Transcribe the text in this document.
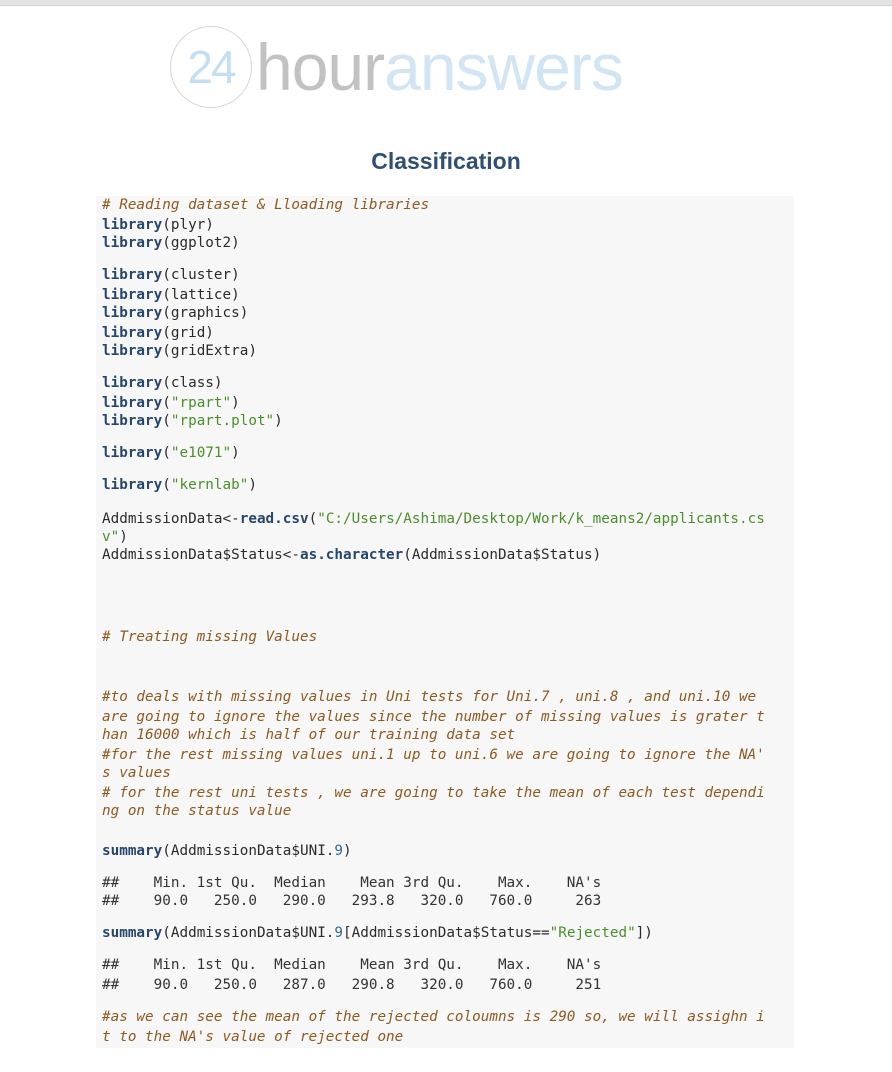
24 hour answers
Classification
# Reading dataset & Lloading libraries
library(plyr)
library(ggplot2)
library(cluster)
library(lattice)
library(graphics)
library(grid)
library(gridExtra)
library(class)
library("rpart")
library("rpart.plot")
library("e1071")
library("kernlab")
AddmissionData<-read.csv("C:/Users/Ashima/Desktop/Work/k_means2/applicants.cs
v")
AddmissionData$Status<-as.character(AddmissionData$Status)
# Treating missing Values
#to deals with missing values in Uni tests for Uni.7 , uni.8 , and uni.10 we
are going to ignore the values since the number of missing values is grater t
han 16000 which is half of our training data set
#for the rest missing values uni.1 up to uni.6 we are going to ignore the NA'
s values
# for the rest uni tests , we are going to take the mean of each test dependi
ng on the status value
summary(AddmissionData$UNI.9)
##    Min. 1st Qu.  Median    Mean 3rd Qu.    Max.    NA's
##    90.0   250.0   290.0   293.8   320.0   760.0     263
summary(AddmissionData$UNI.9[AddmissionData$Status=="Rejected"])
##    Min. 1st Qu.  Median    Mean 3rd Qu.    Max.    NA's
##    90.0   250.0   287.0   290.8   320.0   760.0     251
#as we can see the mean of the rejected coloumns is 290 so, we will assighn i
t to the NA's value of rejected one
